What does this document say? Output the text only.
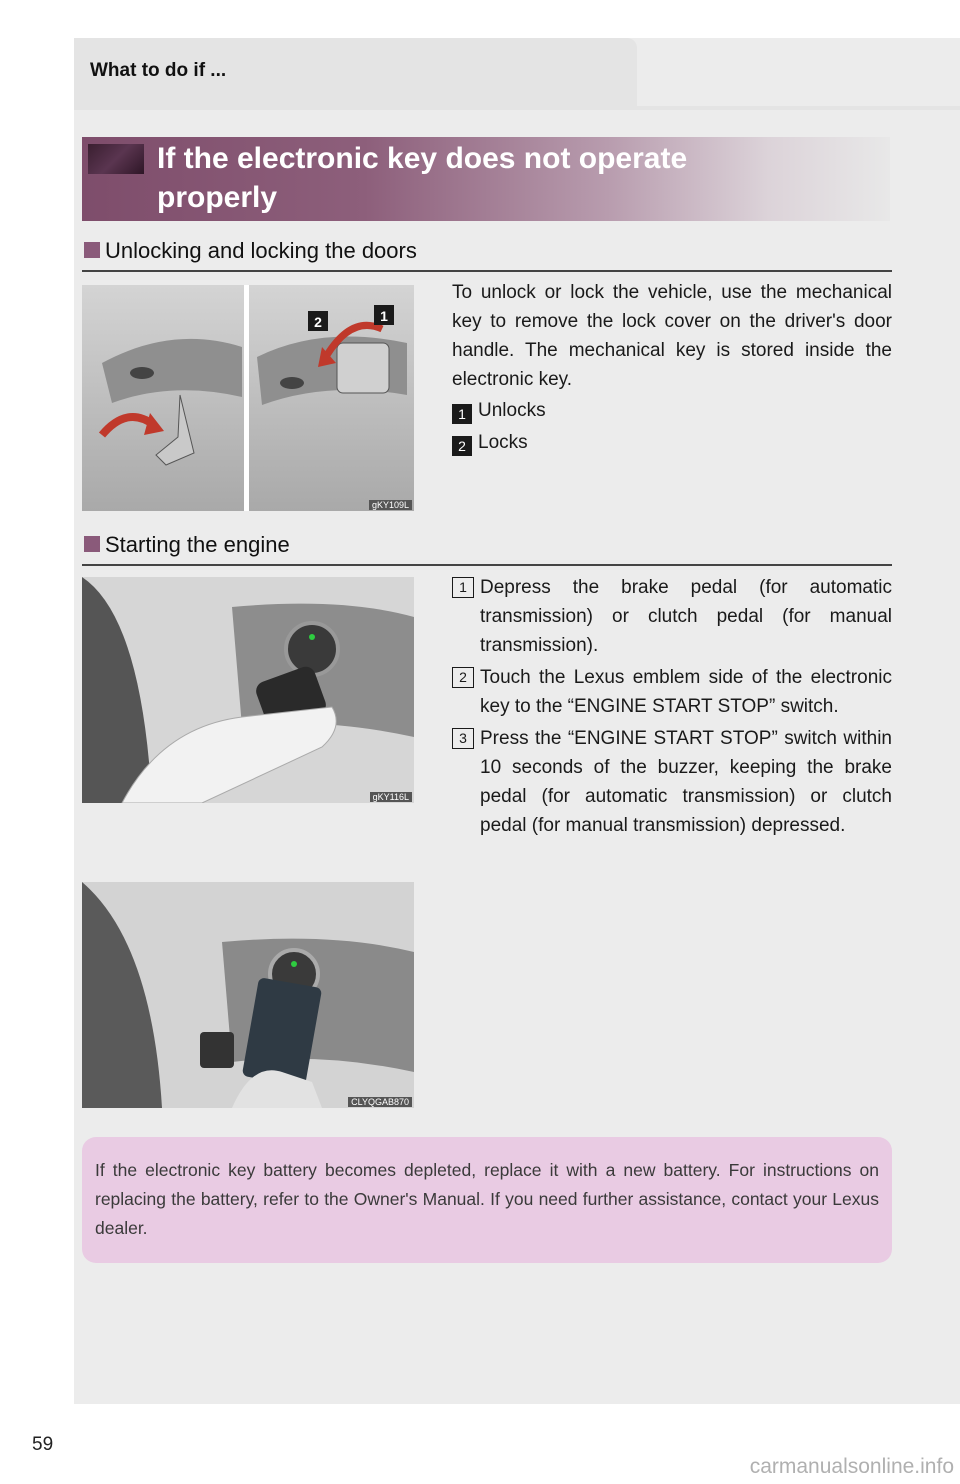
What to do if ...
If the electronic key does not operate properly
Unlocking and locking the doors
2	1
gKY109L
To unlock or lock the vehicle, use the mechanical key to remove the lock cover on the driver's door handle. The mechanical key is stored inside the electronic key.
1 Unlocks
2 Locks
Starting the engine
gKY116L
1 Depress the brake pedal (for automatic transmission) or clutch pedal (for manual transmission).
2 Touch the Lexus emblem side of the electronic key to the “ENGINE START STOP” switch.
3 Press the “ENGINE START STOP” switch within 10 seconds of the buzzer, keeping the brake pedal (for automatic transmission) or clutch pedal (for manual transmission) depressed.
CLYQGAB870
If the electronic key battery becomes depleted, replace it with a new battery. For instructions on replacing the battery, refer to the Owner's Manual. If you need further assistance, contact your Lexus dealer.
59
carmanualsonline.info
